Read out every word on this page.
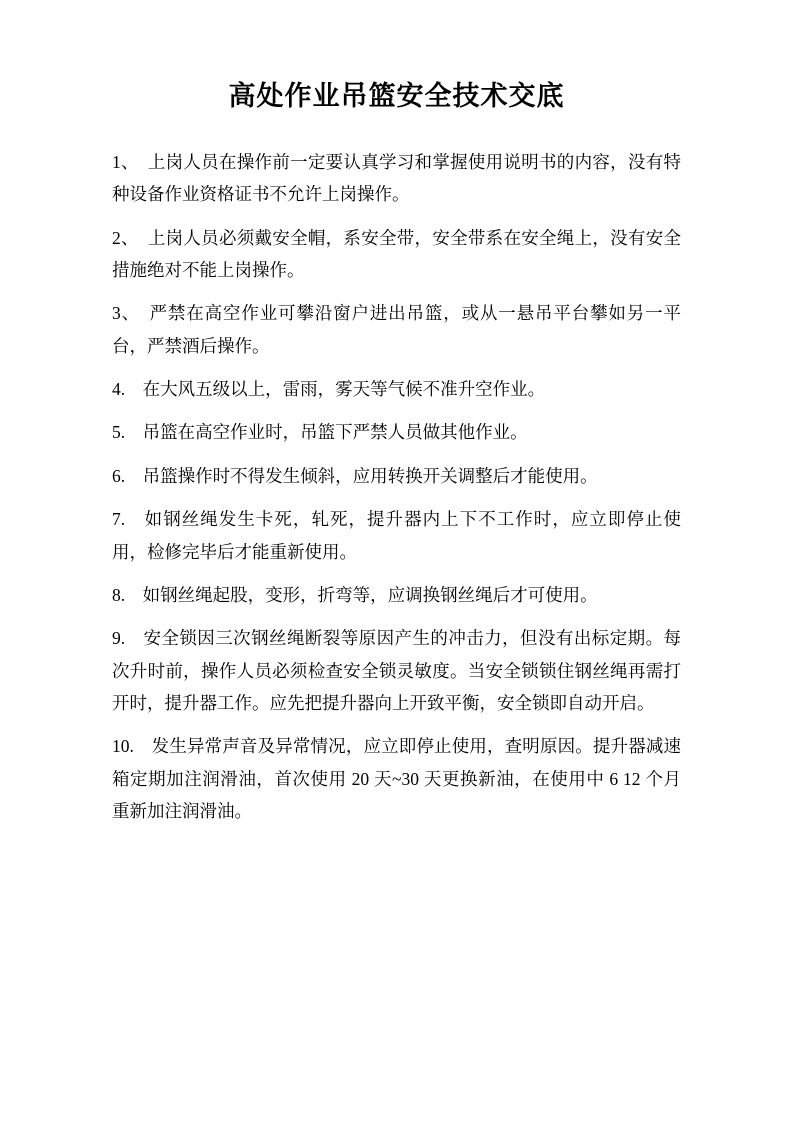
高处作业吊篮安全技术交底

1、　上岗人员在操作前一定要认真学习和掌握使用说明书的内容，没有特种设备作业资格证书不允许上岗操作。

2、　上岗人员必须戴安全帽，系安全带，安全带系在安全绳上，没有安全措施绝对不能上岗操作。

3、　严禁在高空作业可攀沿窗户进出吊篮，或从一悬吊平台攀如另一平台，严禁酒后操作。

4.　在大风五级以上，雷雨，雾天等气候不准升空作业。

5.　吊篮在高空作业时，吊篮下严禁人员做其他作业。

6.　吊篮操作时不得发生倾斜，应用转换开关调整后才能使用。

7.　如钢丝绳发生卡死，轧死，提升器内上下不工作时，应立即停止使用，检修完毕后才能重新使用。

8.　如钢丝绳起股，变形，折弯等，应调换钢丝绳后才可使用。

9.　安全锁因三次钢丝绳断裂等原因产生的冲击力，但没有出标定期。每次升时前，操作人员必须检查安全锁灵敏度。当安全锁锁住钢丝绳再需打开时，提升器工作。应先把提升器向上开致平衡，安全锁即自动开启。

10.　发生异常声音及异常情况，应立即停止使用，查明原因。提升器减速箱定期加注润滑油，首次使用 20 天~30 天更换新油，在使用中 6 12 个月重新加注润滑油。
